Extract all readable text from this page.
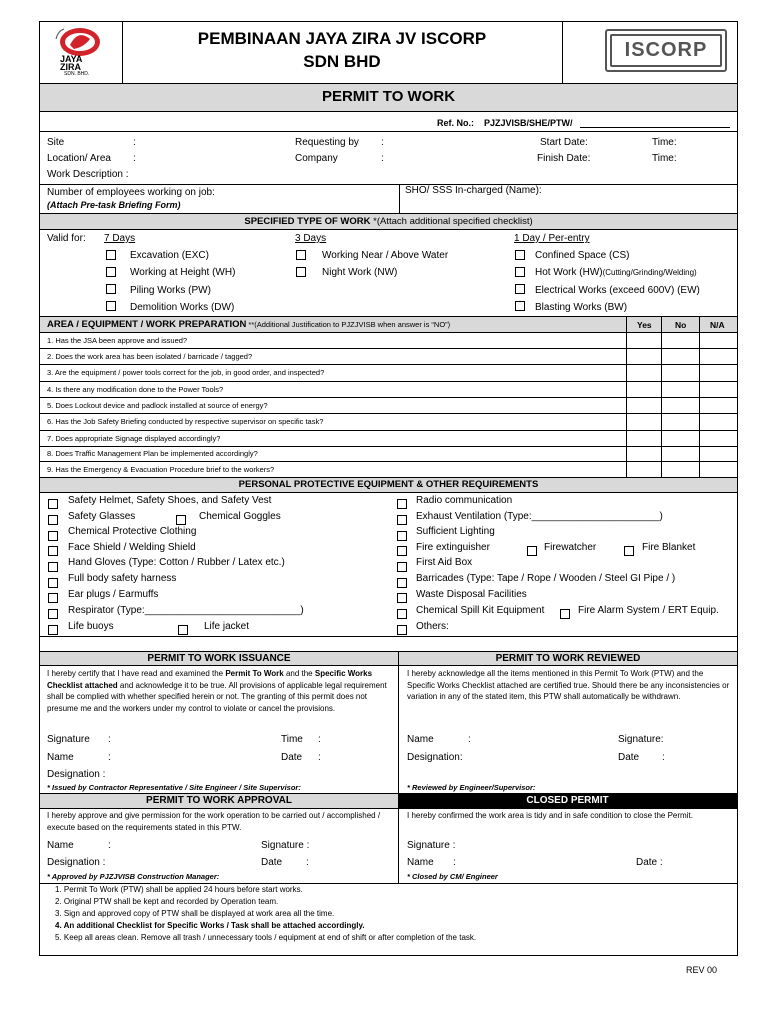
JAYA
ZIRA
SDN. BHD.
PEMBINAAN JAYA ZIRA JV ISCORP
SDN BHD
ISCORP
PERMIT TO WORK
Ref. No.: PJZJVISB/SHE/PTW/
Site	:
Location/ Area :
Work Description :
Requesting by :
Company	:
Start Date:
Finish Date:
Time:
Time:
Number of employees working on job:
(Attach Pre-task Briefing Form)
SHO/ SSS In-charged (Name):
SPECIFIED TYPE OF WORK *(Attach additional specified checklist)
Valid for: 7 Days	3 Days	1 Day / Per-entry
Excavation (EXC)
Working at Height (WH)
Piling Works (PW)
Demolition Works (DW)
Working Near / Above Water
Night Work (NW)
Confined Space (CS)
Hot Work (HW)(Cutting/Grinding/Welding)
Electrical Works (exceed 600V) (EW)
Blasting Works (BW)
AREA / EQUIPMENT / WORK PREPARATION **(Additional Justification to PJZJVISB when answer is “NO”)	Yes	No	N/A
1. Has the JSA been approve and issued?
2. Does the work area has been isolated / barricade / tagged?
3. Are the equipment / power tools correct for the job, in good order, and inspected?
4. Is there any modification done to the Power Tools?
5. Does Lockout device and padlock installed at source of energy?
6. Has the Job Safety Briefing conducted by respective supervisor on specific task?
7. Does appropriate Signage displayed accordingly?
8. Does Traffic Management Plan be implemented accordingly?
9. Has the Emergency & Evacuation Procedure brief to the workers?
PERSONAL PROTECTIVE EQUIPMENT & OTHER REQUIREMENTS
Safety Helmet, Safety Shoes, and Safety Vest
Safety Glasses	Chemical Goggles
Chemical Protective Clothing
Face Shield / Welding Shield
Hand Gloves (Type: Cotton / Rubber / Latex etc.)
Full body safety harness
Ear plugs / Earmuffs
Respirator (Type:____________________________)
Life buoys	Life jacket
Radio communication
Exhaust Ventilation (Type:_______________________)
Sufficient Lighting
Fire extinguisher	Firewatcher	Fire Blanket
First Aid Box
Barricades (Type: Tape / Rope / Wooden / Steel GI Pipe / )
Waste Disposal Facilities
Chemical Spill Kit Equipment	Fire Alarm System / ERT Equip.
Others:
PERMIT TO WORK ISSUANCE	PERMIT TO WORK REVIEWED
I hereby certify that I have read and examined the Permit To Work and the Specific Works Checklist attached and acknowledge it to be true. All provisions of applicable legal requirement shall be complied with whether specified herein or not. The granting of this permit does not presume me and the workers under my control to violate or cancel the provisions.
I hereby acknowledge all the items mentioned in this Permit To Work (PTW) and the Specific Works Checklist attached are certified true. Should there be any inconsistencies or variation in any of the stated item, this PTW shall automatically be withdrawn.
Signature :	Time :
Name	:	Date :
Designation :
* Issued by Contractor Representative / Site Engineer / Site Supervisor:
Name	:	Signature:
Designation:	Date :
* Reviewed by Engineer/Supervisor:
PERMIT TO WORK APPROVAL	CLOSED PERMIT
I hereby approve and give permission for the work operation to be carried out / accomplished / execute based on the requirements stated in this PTW.
I hereby confirmed the work area is tidy and in safe condition to close the Permit.
Name	:	Signature :
Designation :	Date :
* Approved by PJZJVISB Construction Manager:
Signature :
Name :	Date :
* Closed by CM/ Engineer
1. Permit To Work (PTW) shall be applied 24 hours before start works.
2. Original PTW shall be kept and recorded by Operation team.
3. Sign and approved copy of PTW shall be displayed at work area all the time.
4. An additional Checklist for Specific Works / Task shall be attached accordingly.
5. Keep all areas clean. Remove all trash / unnecessary tools / equipment at end of shift or after completion of the task.
REV 00
